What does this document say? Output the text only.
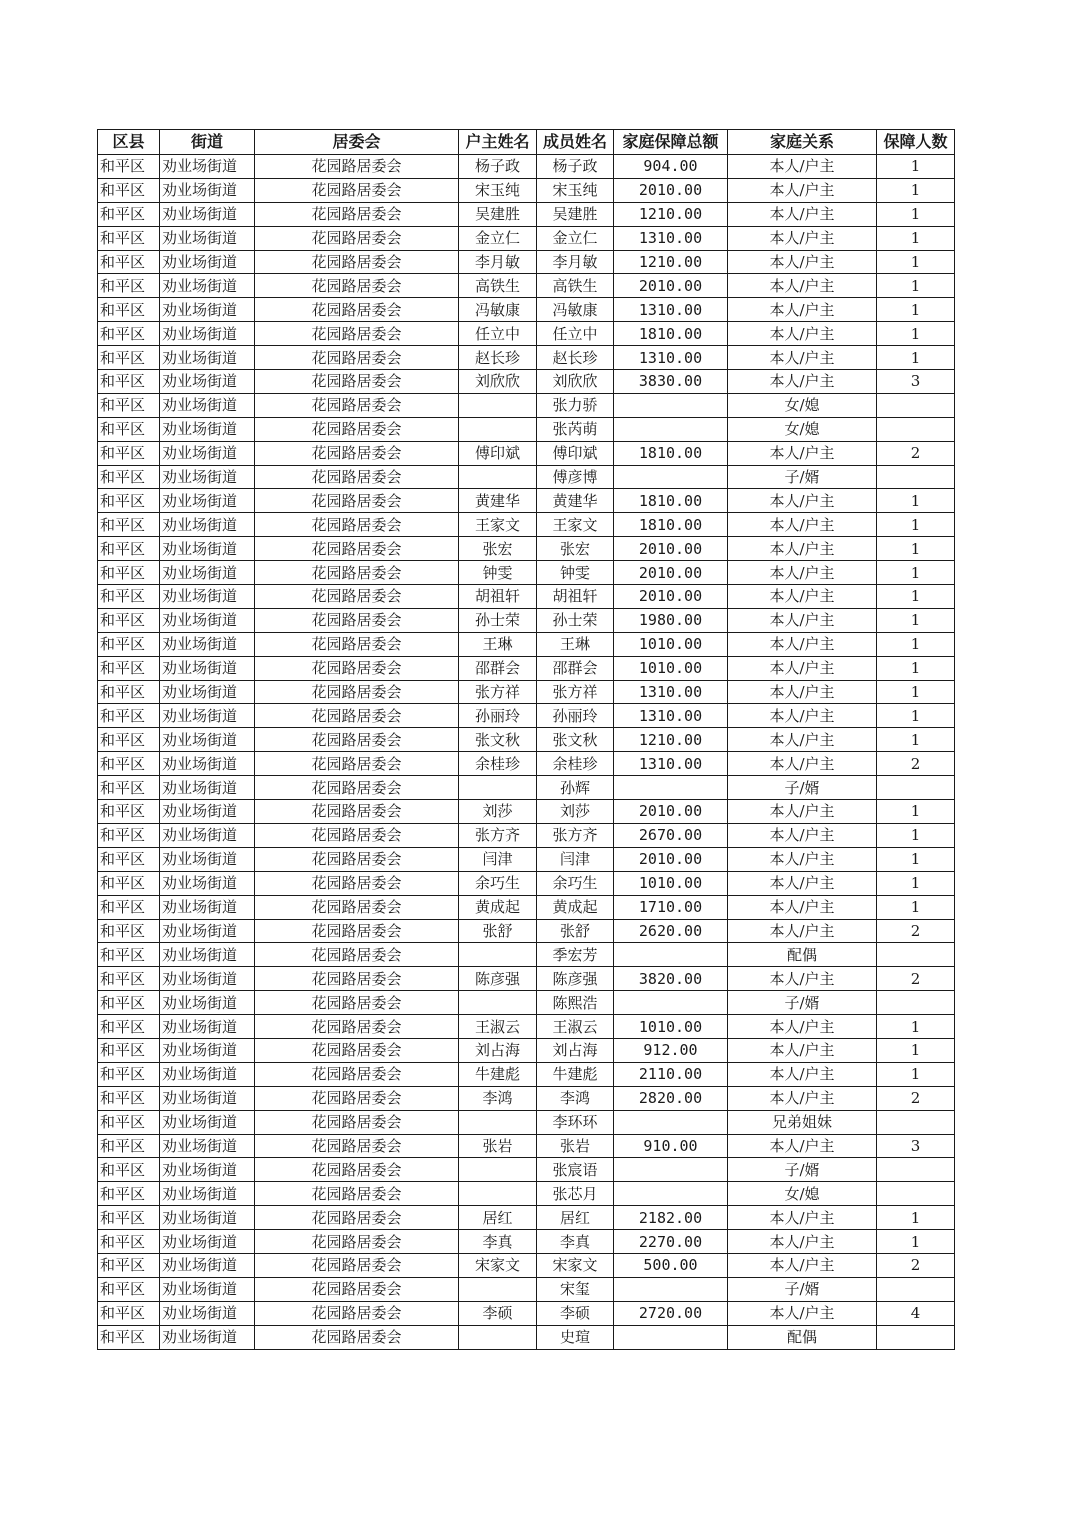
区县	街道	居委会	户主姓名	成员姓名	家庭保障总额	家庭关系	保障人数
和平区	劝业场街道	花园路居委会	杨子政	杨子政	904.00	本人/户主	1
和平区	劝业场街道	花园路居委会	宋玉纯	宋玉纯	2010.00	本人/户主	1
和平区	劝业场街道	花园路居委会	吴建胜	吴建胜	1210.00	本人/户主	1
和平区	劝业场街道	花园路居委会	金立仁	金立仁	1310.00	本人/户主	1
和平区	劝业场街道	花园路居委会	李月敏	李月敏	1210.00	本人/户主	1
和平区	劝业场街道	花园路居委会	高铁生	高铁生	2010.00	本人/户主	1
和平区	劝业场街道	花园路居委会	冯敏康	冯敏康	1310.00	本人/户主	1
和平区	劝业场街道	花园路居委会	任立中	任立中	1810.00	本人/户主	1
和平区	劝业场街道	花园路居委会	赵长珍	赵长珍	1310.00	本人/户主	1
和平区	劝业场街道	花园路居委会	刘欣欣	刘欣欣	3830.00	本人/户主	3
和平区	劝业场街道	花园路居委会		张力骄		女/媳	
和平区	劝业场街道	花园路居委会		张芮萌		女/媳	
和平区	劝业场街道	花园路居委会	傅印斌	傅印斌	1810.00	本人/户主	2
和平区	劝业场街道	花园路居委会		傅彦博		子/婿	
和平区	劝业场街道	花园路居委会	黄建华	黄建华	1810.00	本人/户主	1
和平区	劝业场街道	花园路居委会	王家文	王家文	1810.00	本人/户主	1
和平区	劝业场街道	花园路居委会	张宏	张宏	2010.00	本人/户主	1
和平区	劝业场街道	花园路居委会	钟雯	钟雯	2010.00	本人/户主	1
和平区	劝业场街道	花园路居委会	胡祖轩	胡祖轩	2010.00	本人/户主	1
和平区	劝业场街道	花园路居委会	孙士荣	孙士荣	1980.00	本人/户主	1
和平区	劝业场街道	花园路居委会	王琳	王琳	1010.00	本人/户主	1
和平区	劝业场街道	花园路居委会	邵群会	邵群会	1010.00	本人/户主	1
和平区	劝业场街道	花园路居委会	张方祥	张方祥	1310.00	本人/户主	1
和平区	劝业场街道	花园路居委会	孙丽玲	孙丽玲	1310.00	本人/户主	1
和平区	劝业场街道	花园路居委会	张文秋	张文秋	1210.00	本人/户主	1
和平区	劝业场街道	花园路居委会	余桂珍	余桂珍	1310.00	本人/户主	2
和平区	劝业场街道	花园路居委会		孙辉		子/婿	
和平区	劝业场街道	花园路居委会	刘莎	刘莎	2010.00	本人/户主	1
和平区	劝业场街道	花园路居委会	张方齐	张方齐	2670.00	本人/户主	1
和平区	劝业场街道	花园路居委会	闫津	闫津	2010.00	本人/户主	1
和平区	劝业场街道	花园路居委会	余巧生	余巧生	1010.00	本人/户主	1
和平区	劝业场街道	花园路居委会	黄成起	黄成起	1710.00	本人/户主	1
和平区	劝业场街道	花园路居委会	张舒	张舒	2620.00	本人/户主	2
和平区	劝业场街道	花园路居委会		季宏芳		配偶	
和平区	劝业场街道	花园路居委会	陈彦强	陈彦强	3820.00	本人/户主	2
和平区	劝业场街道	花园路居委会		陈熙浩		子/婿	
和平区	劝业场街道	花园路居委会	王淑云	王淑云	1010.00	本人/户主	1
和平区	劝业场街道	花园路居委会	刘占海	刘占海	912.00	本人/户主	1
和平区	劝业场街道	花园路居委会	牛建彪	牛建彪	2110.00	本人/户主	1
和平区	劝业场街道	花园路居委会	李鸿	李鸿	2820.00	本人/户主	2
和平区	劝业场街道	花园路居委会		李环环		兄弟姐妹	
和平区	劝业场街道	花园路居委会	张岩	张岩	910.00	本人/户主	3
和平区	劝业场街道	花园路居委会		张宸语		子/婿	
和平区	劝业场街道	花园路居委会		张芯月		女/媳	
和平区	劝业场街道	花园路居委会	居红	居红	2182.00	本人/户主	1
和平区	劝业场街道	花园路居委会	李真	李真	2270.00	本人/户主	1
和平区	劝业场街道	花园路居委会	宋家文	宋家文	500.00	本人/户主	2
和平区	劝业场街道	花园路居委会		宋玺		子/婿	
和平区	劝业场街道	花园路居委会	李硕	李硕	2720.00	本人/户主	4
和平区	劝业场街道	花园路居委会		史瑄		配偶	
